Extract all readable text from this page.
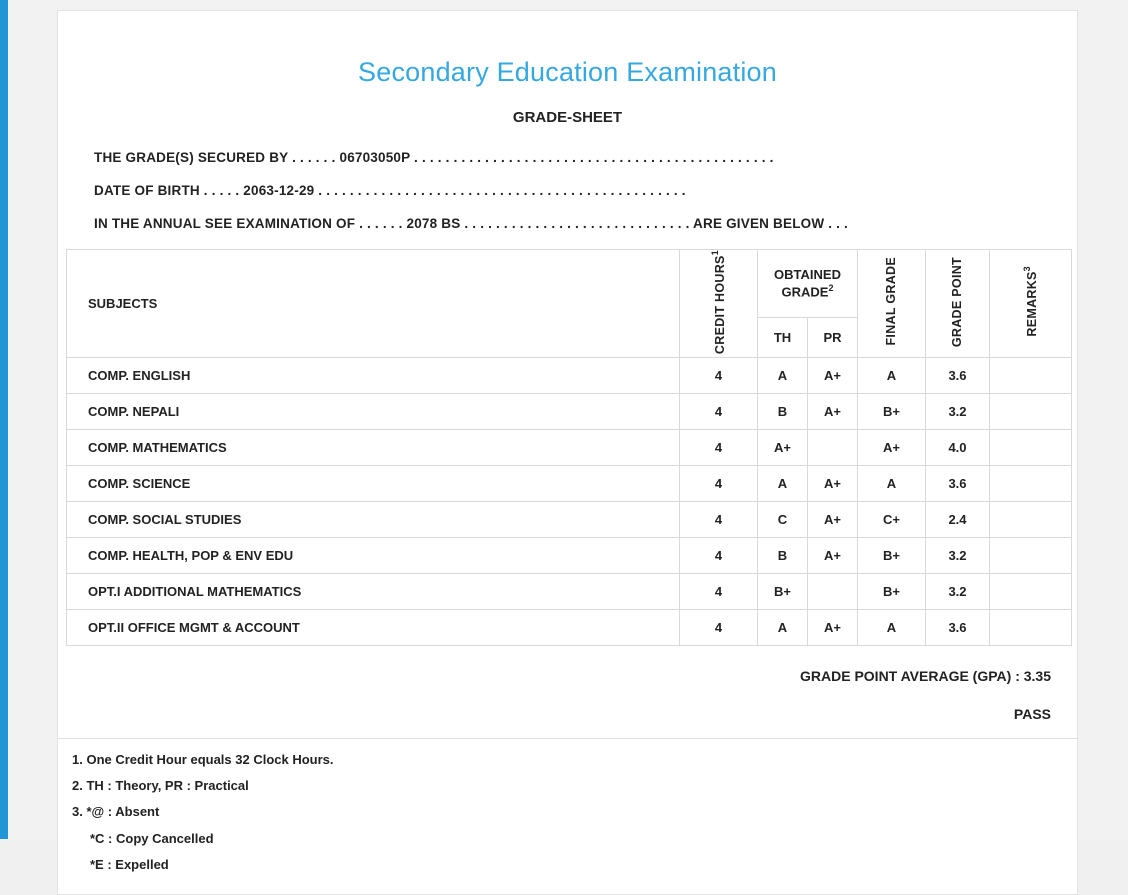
Secondary Education Examination
GRADE-SHEET
THE GRADE(S) SECURED BY . . . . . . 06703050P . . . . . . . . . . . . . . . . . . . . . . . . . . . . . . . . . . . . . . . . . . . . . .
DATE OF BIRTH . . . . . 2063-12-29 . . . . . . . . . . . . . . . . . . . . . . . . . . . . . . . . . . . . . . . . . . . . . . .
IN THE ANNUAL SEE EXAMINATION OF . . . . . . 2078 BS . . . . . . . . . . . . . . . . . . . . . . . . . . . . . ARE GIVEN BELOW . . .
SUBJECTS	CREDIT HOURS$^1$	OBTAINED GRADE$^2$		FINAL GRADE	GRADE POINT	REMARKS$^3$
		TH	PR			
COMP. ENGLISH	4	A	A+	A	3.6	
COMP. NEPALI	4	B	A+	B+	3.2	
COMP. MATHEMATICS	4	A+		A+	4.0	
COMP. SCIENCE	4	A	A+	A	3.6	
COMP. SOCIAL STUDIES	4	C	A+	C+	2.4	
COMP. HEALTH, POP & ENV EDU	4	B	A+	B+	3.2	
OPT.I ADDITIONAL MATHEMATICS	4	B+		B+	3.2	
OPT.II OFFICE MGMT & ACCOUNT	4	A	A+	A	3.6	
GRADE POINT AVERAGE (GPA) : 3.35
PASS
1. One Credit Hour equals 32 Clock Hours.
2. TH : Theory, PR : Practical
3. *@ : Absent
*C : Copy Cancelled
*E : Expelled
